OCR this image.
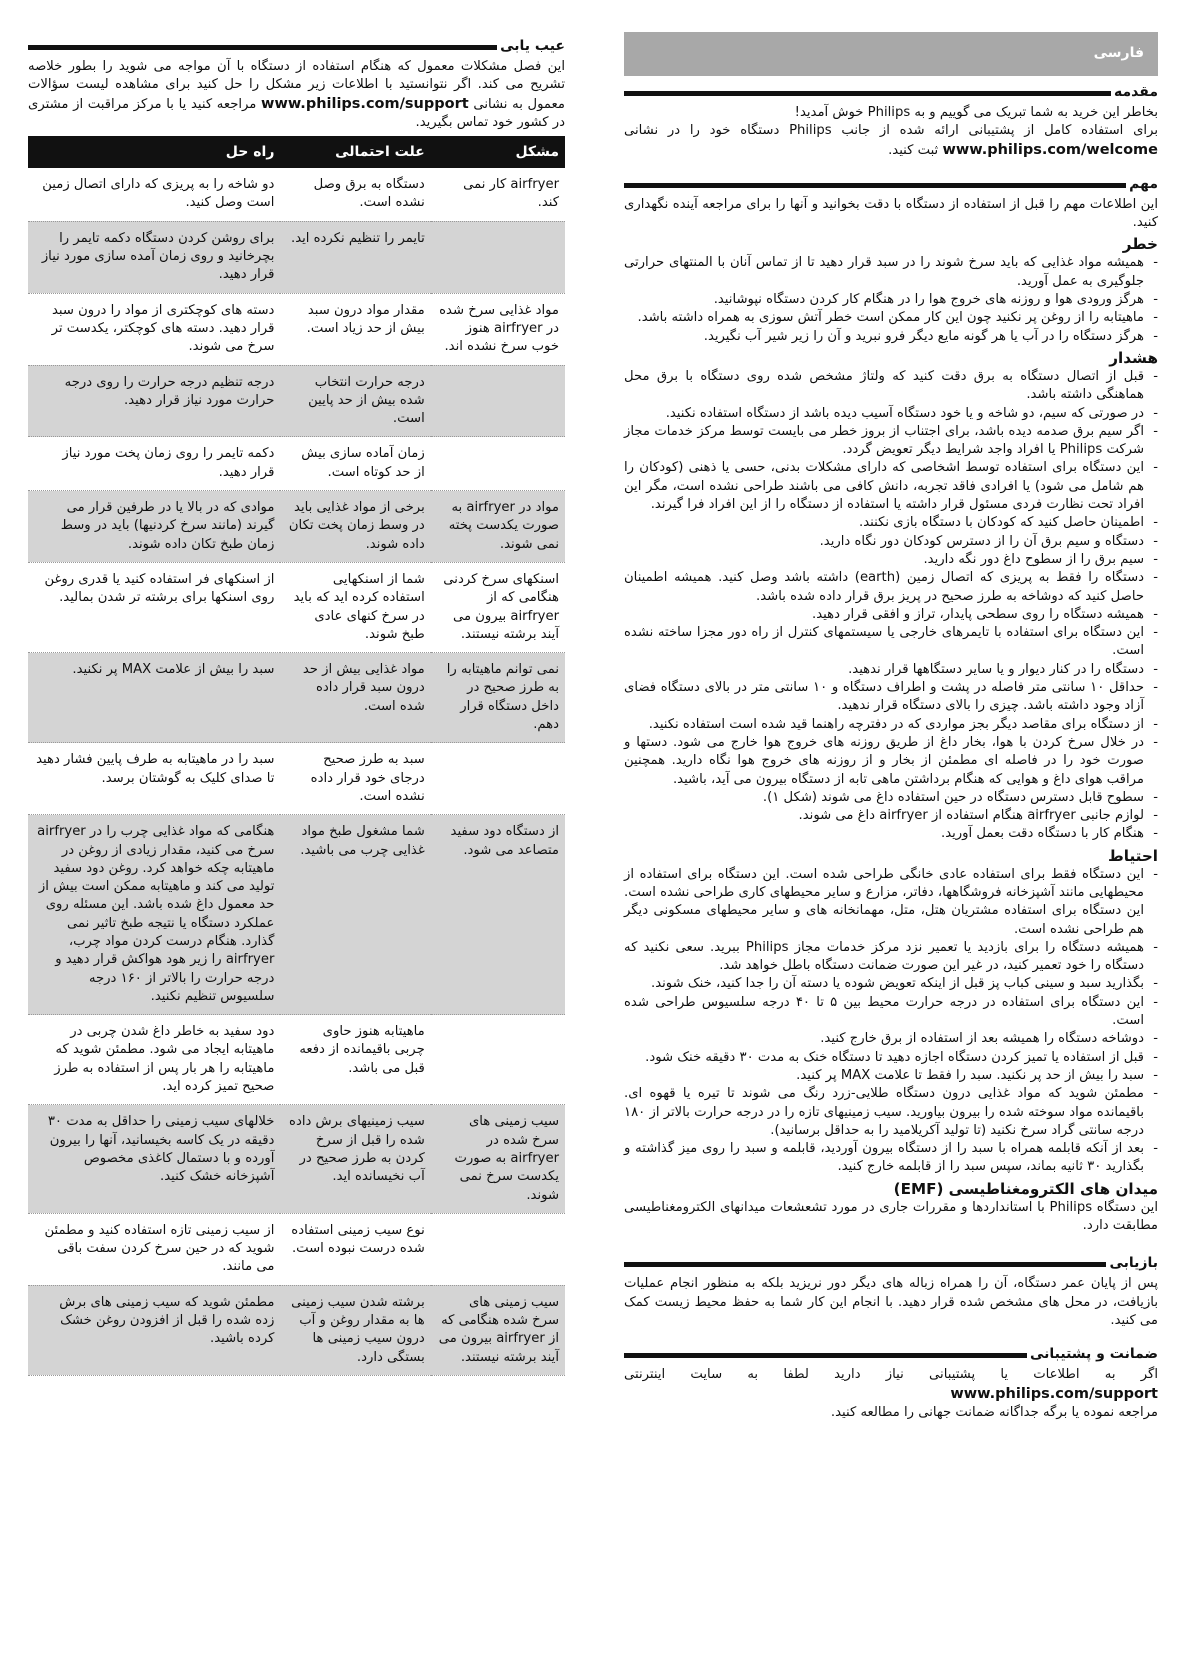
فارسی
مقدمه

بخاطر این خرید به شما تبریک می گوییم و به Philips خوش آمدید!
برای استفاده کامل از پشتیبانی ارائه شده از جانب Philips دستگاه خود را در نشانی www.philips.com/welcome ثبت کنید.

مهم

این اطلاعات مهم را قبل از استفاده از دستگاه با دقت بخوانید و آنها را برای مراجعه آینده نگهداری کنید.

خطر
- همیشه مواد غذایی که باید سرخ شوند را در سبد قرار دهید تا از تماس آنان با المنتهای حرارتی جلوگیری به عمل آورید.
- هرگز ورودی هوا و روزنه های خروج هوا را در هنگام کار کردن دستگاه نپوشانید.
- ماهیتابه را از روغن پر نکنید چون این کار ممکن است خطر آتش سوزی به همراه داشته باشد.
- هرگز دستگاه را در آب یا هر گونه مایع دیگر فرو نبرید و آن را زیر شیر آب نگیرید.
هشدار
- قبل از اتصال دستگاه به برق دقت کنید که ولتاژ مشخص شده روی دستگاه با برق محل هماهنگی داشته باشد.
- در صورتی که سیم، دو شاخه و یا خود دستگاه آسیب دیده باشد از دستگاه استفاده نکنید.
- اگر سیم برق صدمه دیده باشد، برای اجتناب از بروز خطر می بایست توسط مرکز خدمات مجاز شرکت Philips یا افراد واجد شرایط دیگر تعویض گردد.
- این دستگاه برای استفاده توسط اشخاصی که دارای مشکلات بدنی، حسی یا ذهنی (کودکان را هم شامل می شود) یا افرادی فاقد تجربه، دانش کافی می باشند طراحی نشده است، مگر این افراد تحت نظارت فردی مسئول قرار داشته یا استفاده از دستگاه را از این افراد فرا گیرند.
- اطمینان حاصل کنید که کودکان با دستگاه بازی نکنند.
- دستگاه و سیم برق آن را از دسترس کودکان دور نگاه دارید.
- سیم برق را از سطوح داغ دور نگه دارید.
- دستگاه را فقط به پریزی که اتصال زمین (earth) داشته باشد وصل کنید. همیشه اطمینان حاصل کنید که دوشاخه به طرز صحیح در پریز برق قرار داده شده باشد.
- همیشه دستگاه را روی سطحی پایدار، تراز و افقی قرار دهید.
- این دستگاه برای استفاده با تایمرهای خارجی یا سیستمهای کنترل از راه دور مجزا ساخته نشده است.
- دستگاه را در کنار دیوار و یا سایر دستگاهها قرار ندهید.
- حداقل ۱۰ سانتی متر فاصله در پشت و اطراف دستگاه و ۱۰ سانتی متر در بالای دستگاه فضای آزاد وجود داشته باشد. چیزی را بالای دستگاه قرار ندهید.
- از دستگاه برای مقاصد دیگر بجز مواردی که در دفترچه راهنما قید شده است استفاده نکنید.
- در خلال سرخ کردن با هوا، بخار داغ از طریق روزنه های خروج هوا خارج می شود. دستها و صورت خود را در فاصله ای مطمئن از بخار و از روزنه های خروج هوا نگاه دارید. همچنین مراقب هوای داغ و هوایی که هنگام برداشتن ماهی تابه از دستگاه بیرون می آید، باشید.
- سطوح قابل دسترس دستگاه در حین استفاده داغ می شوند (شکل ۱).
- لوازم جانبی airfryer هنگام استفاده از airfryer داغ می شوند.
- هنگام کار با دستگاه دقت بعمل آورید.
احتیاط
- این دستگاه فقط برای استفاده عادی خانگی طراحی شده است. این دستگاه برای استفاده از محیطهایی مانند آشپزخانه فروشگاهها، دفاتر، مزارع و سایر محیطهای کاری طراحی نشده است. این دستگاه برای استفاده مشتریان هتل، متل، مهمانخانه های و سایر محیطهای مسکونی دیگر هم طراحی نشده است.
- همیشه دستگاه را برای بازدید یا تعمیر نزد مرکز خدمات مجاز Philips ببرید. سعی نکنید که دستگاه را خود تعمیر کنید، در غیر این صورت ضمانت دستگاه باطل خواهد شد.
- بگذارید سبد و سینی کباب پز قبل از اینکه تعویض شوده یا دسته آن را جدا کنید، خنک شوند.
- این دستگاه برای استفاده در درجه حرارت محیط بین ۵ تا ۴۰ درجه سلسیوس طراحی شده است.
- دوشاخه دستگاه را همیشه بعد از استفاده از برق خارج کنید.
- قبل از استفاده یا تمیز کردن دستگاه اجازه دهید تا دستگاه خنک به مدت ۳۰ دقیقه خنک شود.
- سبد را بیش از حد پر نکنید. سبد را فقط تا علامت MAX پر کنید.
- مطمئن شوید که مواد غذایی درون دستگاه طلایی-زرد رنگ می شوند تا تیره یا قهوه ای. باقیمانده مواد سوخته شده را بیرون بیاورید. سیب زمینیهای تازه را در درجه حرارت بالاتر از ۱۸۰ درجه سانتی گراد سرخ نکنید (تا تولید آکریلامید را به حداقل برسانید).
- بعد از آنکه قابلمه همراه با سبد را از دستگاه بیرون آوردید، قابلمه و سبد را روی میز گذاشته و بگذارید ۳۰ ثانیه بماند، سپس سبد را از قابلمه خارج کنید.
میدان های الکترومغناطیسی (EMF)

این دستگاه Philips با استانداردها و مقررات جاری در مورد تشعشعات میدانهای الکترومغناطیسی مطابقت دارد.

بازیابی

پس از پایان عمر دستگاه، آن را همراه زباله های دیگر دور نریزید بلکه به منظور انجام عملیات بازیافت، در محل های مشخص شده قرار دهید. با انجام این کار شما به حفظ محیط زیست کمک می کنید.

ضمانت و پشتیبانی

اگر به اطلاعات یا پشتیبانی نیاز دارید لطفا به سایت اینترنتی www.philips.com/support
مراجعه نموده یا برگه جداگانه ضمانت جهانی را مطالعه کنید.

عیب یابی

این فصل مشکلات معمول که هنگام استفاده از دستگاه با آن مواجه می شوید را بطور خلاصه تشریح می کند. اگر نتوانستید با اطلاعات زیر مشکل را حل کنید برای مشاهده لیست سؤالات معمول به نشانی www.philips.com/support مراجعه کنید یا با مرکز مراقبت از مشتری در کشور خود تماس بگیرید.

مشکل	علت احتمالی	راه حل
airfryer کار نمی کند.	دستگاه به برق وصل نشده است.	دو شاخه را به پریزی که دارای اتصال زمین است وصل کنید.
	تایمر را تنظیم نکرده اید.	برای روشن کردن دستگاه دکمه تایمر را بچرخانید و روی زمان آمده سازی مورد نیاز قرار دهید.
مواد غذایی سرخ شده در airfryer هنوز خوب سرخ نشده اند.	مقدار مواد درون سبد بیش از حد زیاد است.	دسته های کوچکتری از مواد را درون سبد قرار دهید. دسته های کوچکتر، یکدست تر سرخ می شوند.
	درجه حرارت انتخاب شده بیش از حد پایین است.	درجه تنظیم درجه حرارت را روی درجه حرارت مورد نیاز قرار دهید.
	زمان آماده سازی بیش از حد کوتاه است.	دکمه تایمر را روی زمان پخت مورد نیاز قرار دهید.
مواد در airfryer به صورت یکدست پخته نمی شوند.	برخی از مواد غذایی باید در وسط زمان پخت تکان داده شوند.	موادی که در بالا یا در طرفین قرار می گیرند (مانند سرخ کردنیها) باید در وسط زمان طبخ تکان داده شوند.
اسنکهای سرخ کردنی هنگامی که از airfryer بیرون می آیند برشته نیستند.	شما از اسنکهایی استفاده کرده اید که باید در سرخ کنهای عادی طبخ شوند.	از اسنکهای فر استفاده کنید یا قدری روغن روی اسنکها برای برشته تر شدن بمالید.
نمی توانم ماهیتابه را به طرز صحیح در داخل دستگاه قرار دهم.	مواد غذایی بیش از حد درون سبد قرار داده شده است.	سبد را بیش از علامت MAX پر نکنید.
	سبد به طرز صحیح درجای خود قرار داده نشده است.	سبد را در ماهیتابه به طرف پایین فشار دهید تا صدای کلیک به گوشتان برسد.
از دستگاه دود سفید متصاعد می شود.	شما مشغول طبخ مواد غذایی چرب می باشید.	هنگامی که مواد غذایی چرب را در airfryer سرخ می کنید، مقدار زیادی از روغن در ماهیتابه چکه خواهد کرد. روغن دود سفید تولید می کند و ماهیتابه ممکن است بیش از حد معمول داغ شده باشد. این مسئله روی عملکرد دستگاه یا نتیجه طبخ تاثیر نمی گذارد. هنگام درست کردن مواد چرب، airfryer را زیر هود هواکش قرار دهید و درجه حرارت را بالاتر از ۱۶۰ درجه سلسیوس تنظیم نکنید.
	ماهیتابه هنوز حاوی چربی باقیمانده از دفعه قبل می باشد.	دود سفید به خاطر داغ شدن چربی در ماهیتابه ایجاد می شود. مطمئن شوید که ماهیتابه را هر بار پس از استفاده به طرز صحیح تمیز کرده اید.
سیب زمینی های سرخ شده در airfryer به صورت یکدست سرخ نمی شوند.	سیب زمینیهای برش داده شده را قبل از سرخ کردن به طرز صحیح در آب نخیسانده اید.	خلالهای سیب زمینی را حداقل به مدت ۳۰ دقیقه در یک کاسه بخیسانید، آنها را بیرون آورده و با دستمال کاغذی مخصوص آشپزخانه خشک کنید.
	نوع سیب زمینی استفاده شده درست نبوده است.	از سیب زمینی تازه استفاده کنید و مطمئن شوید که در حین سرخ کردن سفت باقی می مانند.
سیب زمینی های سرخ شده هنگامی که از airfryer بیرون می آیند برشته نیستند.	برشته شدن سیب زمینی ها به مقدار روغن و آب درون سیب زمینی ها بستگی دارد.	مطمئن شوید که سیب زمینی های برش زده شده را قبل از افزودن روغن خشک کرده باشید.
